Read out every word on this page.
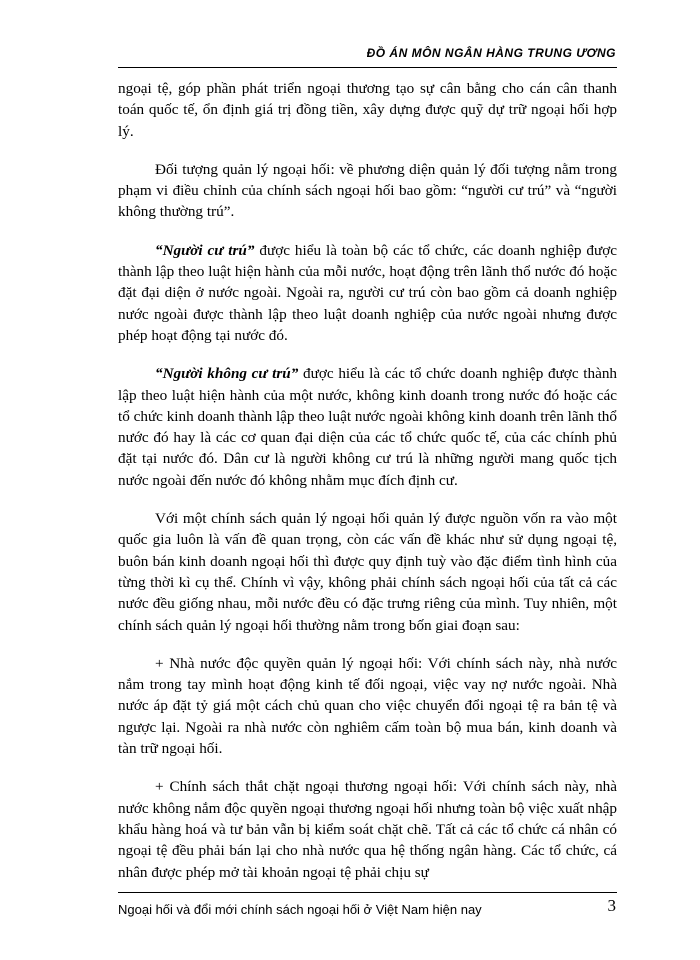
ĐỒ ÁN MÔN NGÂN HÀNG TRUNG ƯƠNG

ngoại tệ, góp phần phát triển ngoại thương tạo sự cân bằng cho cán cân thanh toán quốc tế, ổn định giá trị đồng tiền, xây dựng được quỹ dự trữ ngoại hối hợp lý.

Đối tượng quản lý ngoại hối: về phương diện quản lý đối tượng nằm trong phạm vi điều chỉnh của chính sách ngoại hối bao gồm: “người cư trú” và “người không thường trú”.

“Người cư trú” được hiểu là toàn bộ các tổ chức, các doanh nghiệp được thành lập theo luật hiện hành của mỗi nước, hoạt động trên lãnh thổ nước đó hoặc đặt đại diện ở nước ngoài. Ngoài ra, người cư trú còn bao gồm cả doanh nghiệp nước ngoài được thành lập theo luật doanh nghiệp của nước ngoài nhưng được phép hoạt động tại nước đó.

“Người không cư trú” được hiểu là các tổ chức doanh nghiệp được thành lập theo luật hiện hành của một nước, không kinh doanh trong nước đó hoặc các tổ chức kinh doanh thành lập theo luật nước ngoài không kinh doanh trên lãnh thổ nước đó hay là các cơ quan đại diện của các tổ chức quốc tế, của các chính phủ đặt tại nước đó. Dân cư là người không cư trú là những người mang quốc tịch nước ngoài đến nước đó không nhằm mục đích định cư.

Với một chính sách quản lý ngoại hối quản lý được nguồn vốn ra vào một quốc gia luôn là vấn đề quan trọng, còn các vấn đề khác như sử dụng ngoại tệ, buôn bán kinh doanh ngoại hối thì được quy định tuỳ vào đặc điểm tình hình của từng thời kì cụ thể. Chính vì vậy, không phải chính sách ngoại hối của tất cả các nước đều giống nhau, mỗi nước đều có đặc trưng riêng của mình. Tuy nhiên, một chính sách quản lý ngoại hối thường nằm trong bốn giai đoạn sau:

+ Nhà nước độc quyền quản lý ngoại hối: Với chính sách này, nhà nước nắm trong tay mình hoạt động kinh tế đối ngoại, việc vay nợ nước ngoài. Nhà nước áp đặt tỷ giá một cách chủ quan cho việc chuyển đổi ngoại tệ ra bản tệ và ngược lại. Ngoài ra nhà nước còn nghiêm cấm toàn bộ mua bán, kinh doanh và tàn trữ ngoại hối.

+ Chính sách thắt chặt ngoại thương ngoại hối: Với chính sách này, nhà nước không nắm độc quyền ngoại thương ngoại hối nhưng toàn bộ việc xuất nhập khẩu hàng hoá và tư bản vẫn bị kiểm soát chặt chẽ. Tất cả các tổ chức cá nhân có ngoại tệ đều phải bán lại cho nhà nước qua hệ thống ngân hàng. Các tổ chức, cá nhân được phép mở tài khoản ngoại tệ phải chịu sự

Ngoại hối và đổi mới chính sách ngoại hối ở Việt Nam hiện nay	3
